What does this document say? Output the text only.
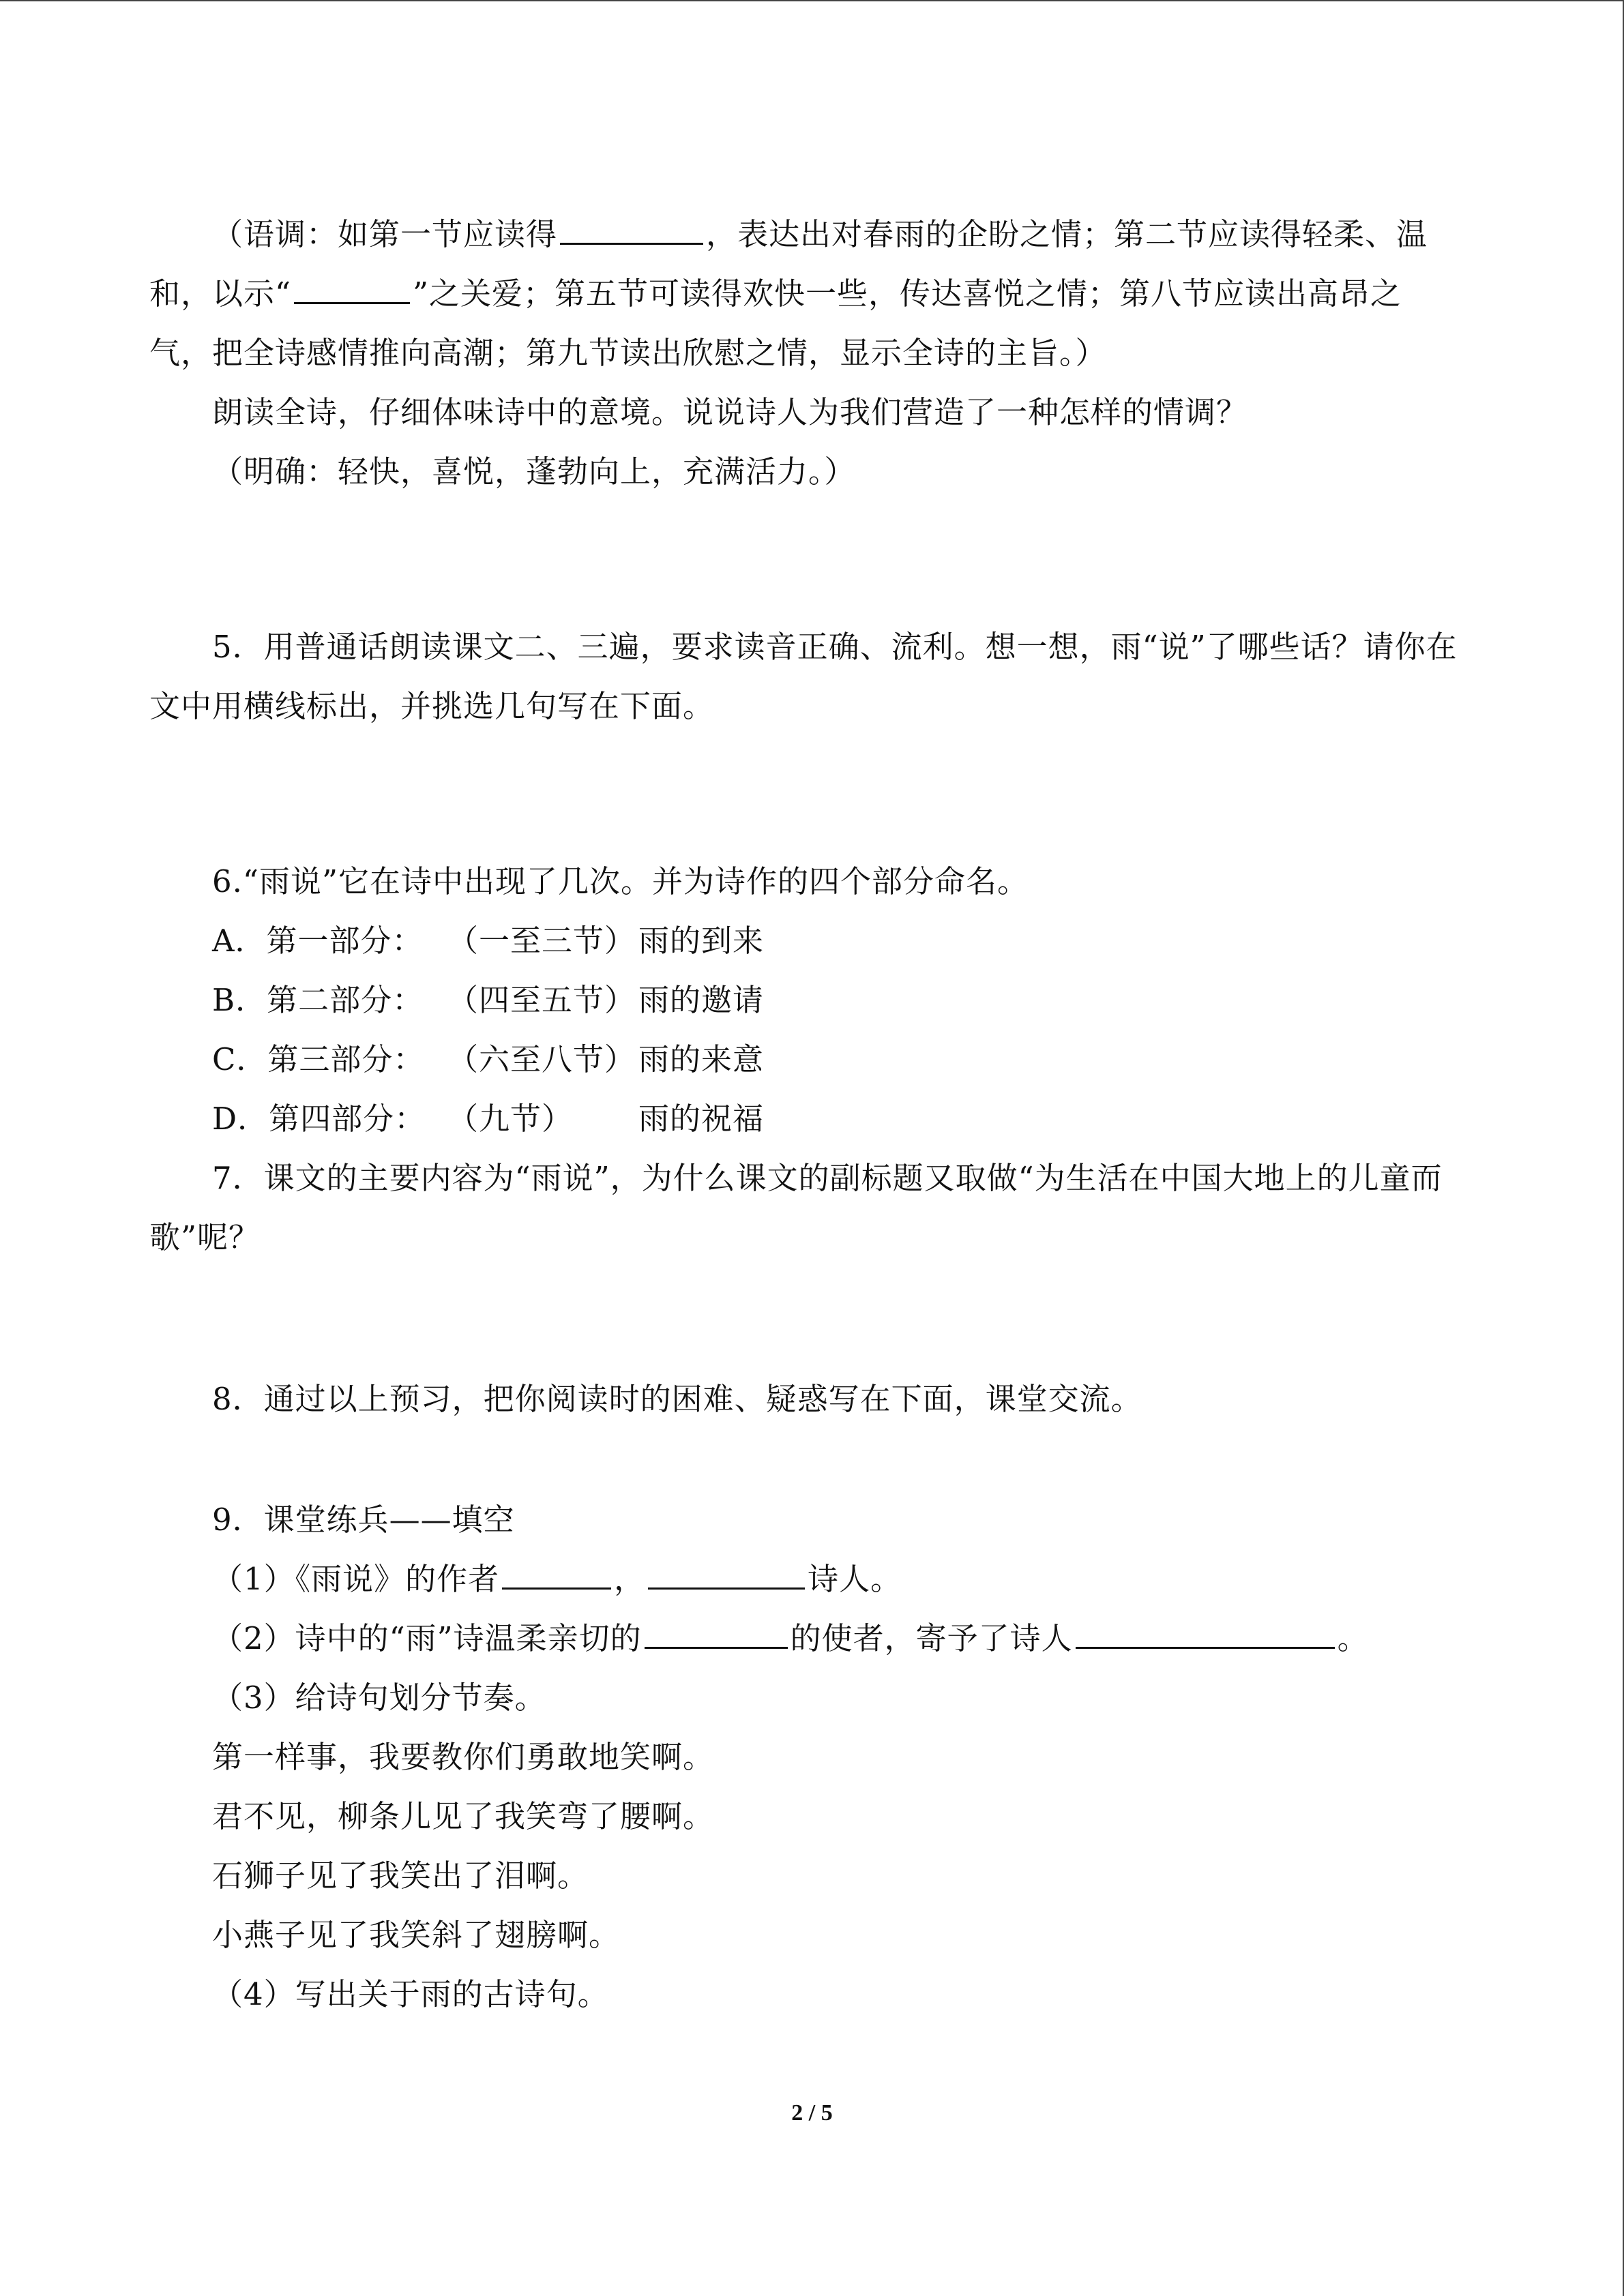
（语调：如第一节应读得	，表达出对春雨的企盼之情；第二节应读得轻柔、温

和，以示“	”之关爱；第五节可读得欢快一些，传达喜悦之情；第八节应读出高昂之

气，把全诗感情推向高潮；第九节读出欣慰之情，显示全诗的主旨。）

朗读全诗，仔细体味诗中的意境。说说诗人为我们营造了一种怎样的情调？

（明确：轻快，喜悦，蓬勃向上，充满活力。）

5．用普通话朗读课文二、三遍，要求读音正确、流利。想一想，雨“说”了哪些话？请你在文中用横线标出，并挑选几句写在下面。

6.“雨说”它在诗中出现了几次。并为诗作的四个部分命名。

A．第一部分： （一至三节）雨的到来

B．第二部分： （四至五节）雨的邀请

C．第三部分： （六至八节）雨的来意

D．第四部分： （九节） 雨的祝福

7．课文的主要内容为“雨说”，为什么课文的副标题又取做“为生活在中国大地上的儿童而歌”呢？

8．通过以上预习，把你阅读时的困难、疑惑写在下面，课堂交流。

9．课堂练兵——填空

（1）《雨说》的作者	，	诗人。

（2）诗中的“雨”诗温柔亲切的	的使者，寄予了诗人	。

（3）给诗句划分节奏。

第一样事，我要教你们勇敢地笑啊。

君不见，柳条儿见了我笑弯了腰啊。

石狮子见了我笑出了泪啊。

小燕子见了我笑斜了翅膀啊。

（4）写出关于雨的古诗句。

2 / 5
